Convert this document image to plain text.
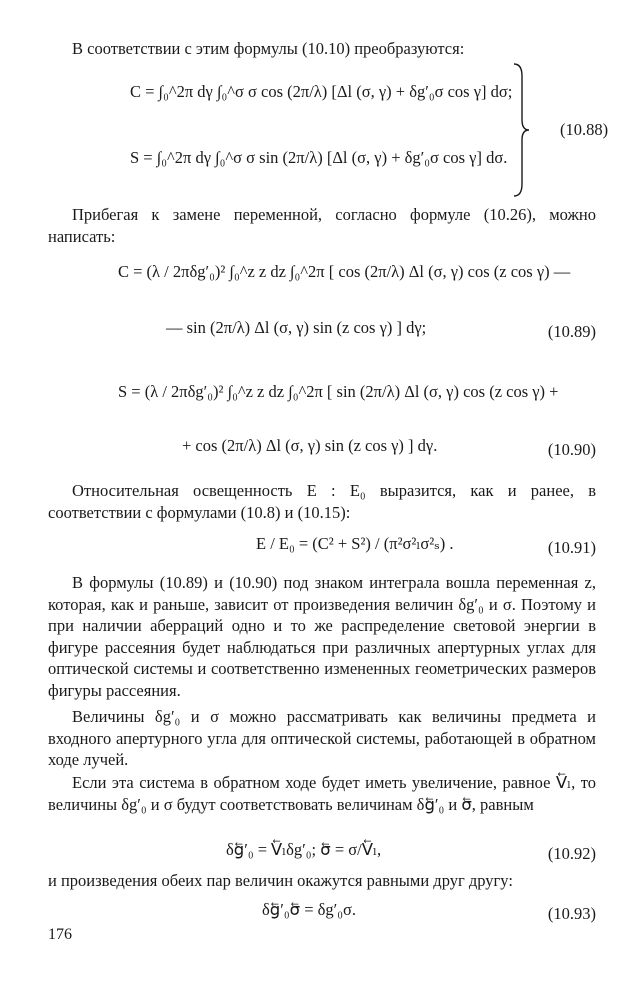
В соответствии с этим формулы (10.10) преобразуются:
C = ∫₀^2π dγ ∫₀^σ σ cos (2π/λ) [Δl (σ, γ) + δg′₀σ cos γ] dσ;
S = ∫₀^2π dγ ∫₀^σ σ sin (2π/λ) [Δl (σ, γ) + δg′₀σ cos γ] dσ.
(10.88)
Прибегая к замене переменной, согласно формуле (10.26), можно написать:
C = (λ / 2πδg′₀)² ∫₀^z z dz ∫₀^2π [ cos (2π/λ) Δl (σ, γ) cos (z cos γ) —
— sin (2π/λ) Δl (σ, γ) sin (z cos γ) ] dγ;	(10.89)
S = (λ / 2πδg′₀)² ∫₀^z z dz ∫₀^2π [ sin (2π/λ) Δl (σ, γ) cos (z cos γ) +
+ cos (2π/λ) Δl (σ, γ) sin (z cos γ) ] dγ.	(10.90)
Относительная освещенность E : E₀ выразится, как и ранее, в соответствии с формулами (10.8) и (10.15):
E / E₀ = (C² + S²) / (π²σ²ₗσ²ₛ) .	(10.91)
В формулы (10.89) и (10.90) под знаком интеграла вошла переменная z, которая, как и раньше, зависит от произведения величин δg′₀ и σ. Поэтому и при наличии аберраций одно и то же распределение световой энергии в фигуре рассеяния будет наблюдаться при различных апертурных углах для оптической системы и соответственно измененных геометрических размеров фигуры рассеяния.
Величины δg′₀ и σ можно рассматривать как величины предмета и входного апертурного угла для оптической системы, работающей в обратном ходе лучей.
Если эта система в обратном ходе будет иметь увеличение, равное V⃖ₗ, то величины δg′₀ и σ будут соответствовать величинам δg⃖′₀ и σ⃖, равным
δg⃖′₀ = V⃖ₗδg′₀; σ⃖ = σ/V⃖ₗ,	(10.92)
и произведения обеих пар величин окажутся равными друг другу:
δg⃖′₀σ⃖ = δg′₀σ.	(10.93)
176
